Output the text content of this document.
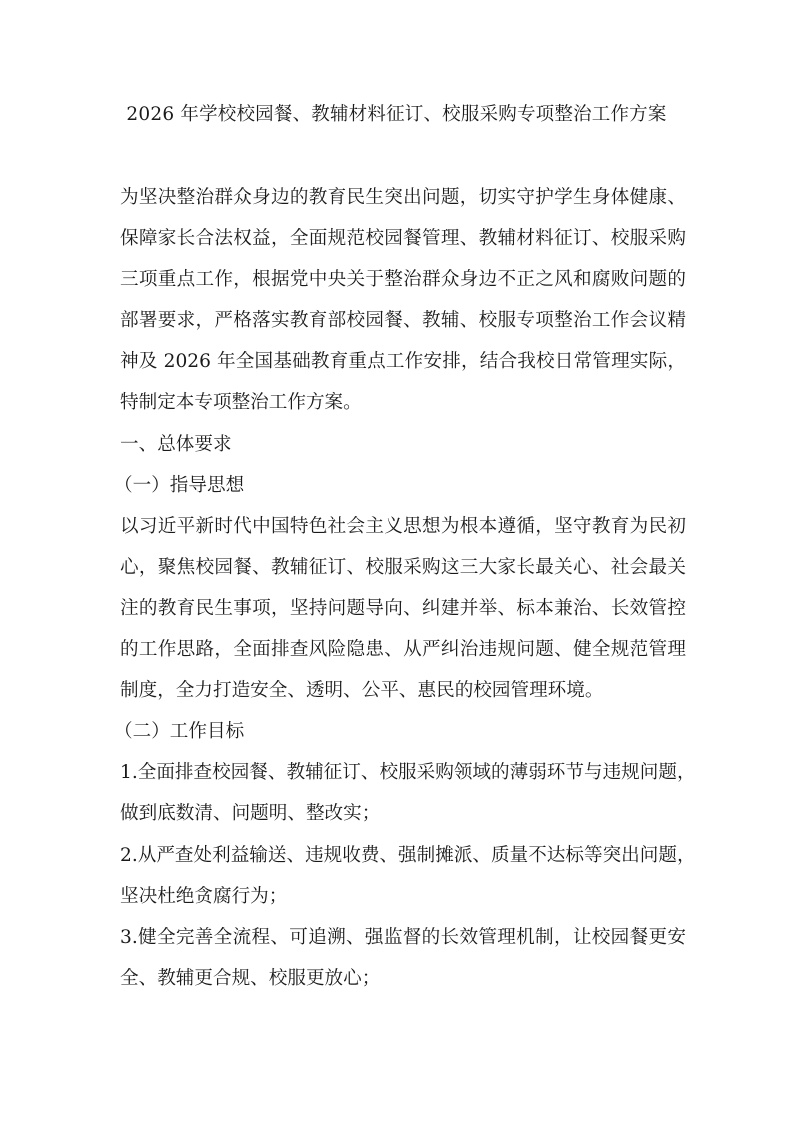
2026 年学校校园餐、教辅材料征订、校服采购专项整治工作方案
为坚决整治群众身边的教育民生突出问题，切实守护学生身体健康、
保障家长合法权益，全面规范校园餐管理、教辅材料征订、校服采购
三项重点工作，根据党中央关于整治群众身边不正之风和腐败问题的
部署要求，严格落实教育部校园餐、教辅、校服专项整治工作会议精
神及 2026 年全国基础教育重点工作安排，结合我校日常管理实际，
特制定本专项整治工作方案。
一、总体要求
（一）指导思想
以习近平新时代中国特色社会主义思想为根本遵循，坚守教育为民初
心，聚焦校园餐、教辅征订、校服采购这三大家长最关心、社会最关
注的教育民生事项，坚持问题导向、纠建并举、标本兼治、长效管控
的工作思路，全面排查风险隐患、从严纠治违规问题、健全规范管理
制度，全力打造安全、透明、公平、惠民的校园管理环境。
（二）工作目标
1.全面排查校园餐、教辅征订、校服采购领域的薄弱环节与违规问题，
做到底数清、问题明、整改实；
2.从严查处利益输送、违规收费、强制摊派、质量不达标等突出问题，
坚决杜绝贪腐行为；
3.健全完善全流程、可追溯、强监督的长效管理机制，让校园餐更安
全、教辅更合规、校服更放心；
